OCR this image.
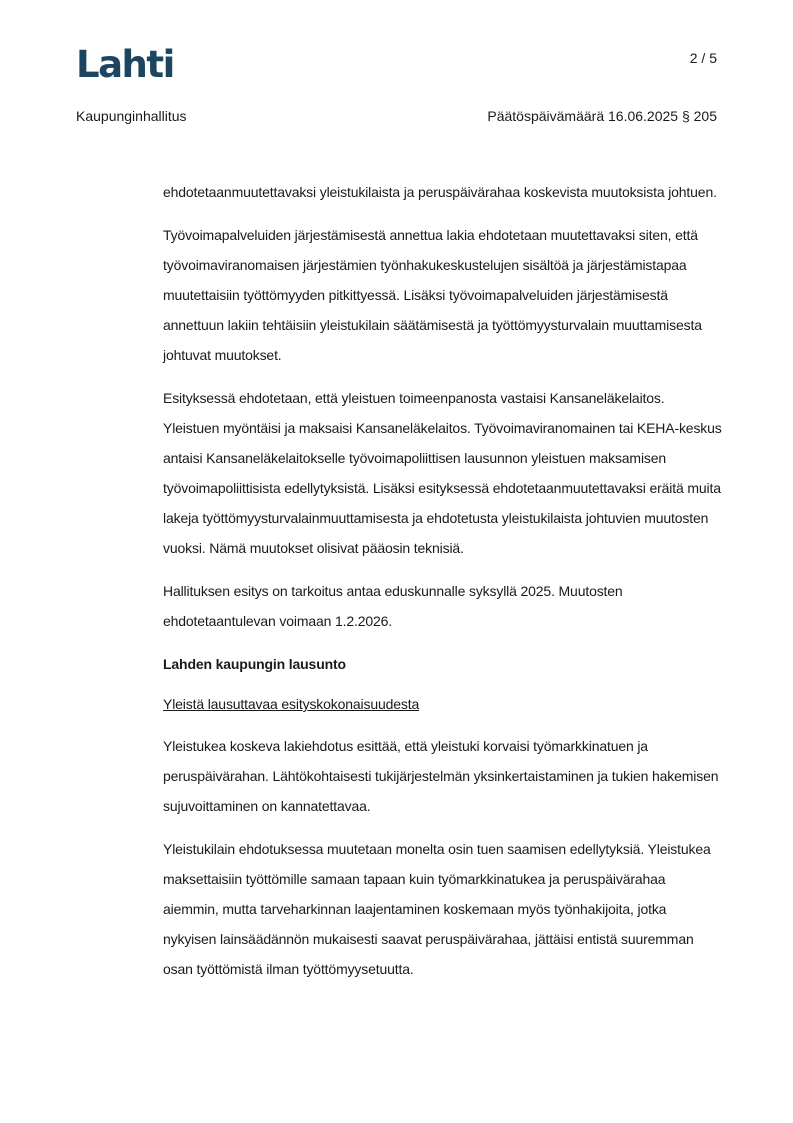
Lahti	2 / 5
Kaupunginhallitus	Päätöspäivämäärä 16.06.2025 § 205

ehdotetaanmuutettavaksi yleistukilaista ja peruspäivärahaa koskevista muutoksista johtuen.

Työvoimapalveluiden järjestämisestä annettua lakia ehdotetaan muutettavaksi siten, että työvoimaviranomaisen järjestämien työnhakukeskustelujen sisältöä ja järjestämistapaa muutettaisiin työttömyyden pitkittyessä. Lisäksi työvoimapalveluiden järjestämisestä annettuun lakiin tehtäisiin yleistukilain säätämisestä ja työttömyysturvalain muuttamisesta johtuvat muutokset.

Esityksessä ehdotetaan, että yleistuen toimeenpanosta vastaisi Kansaneläkelaitos. Yleistuen myöntäisi ja maksaisi Kansaneläkelaitos. Työvoimaviranomainen tai KEHA-keskus antaisi Kansaneläkelaitokselle työvoimapoliittisen lausunnon yleistuen maksamisen työvoimapoliittisista edellytyksistä. Lisäksi esityksessä ehdotetaanmuutettavaksi eräitä muita lakeja työttömyysturvalainmuuttamisesta ja ehdotetusta yleistukilaista johtuvien muutosten vuoksi. Nämä muutokset olisivat pääosin teknisiä.

Hallituksen esitys on tarkoitus antaa eduskunnalle syksyllä 2025. Muutosten ehdotetaantulevan voimaan 1.2.2026.

Lahden kaupungin lausunto

Yleistä lausuttavaa esityskokonaisuudesta

Yleistukea koskeva lakiehdotus esittää, että yleistuki korvaisi työmarkkinatuen ja peruspäivärahan. Lähtökohtaisesti tukijärjestelmän yksinkertaistaminen ja tukien hakemisen sujuvoittaminen on kannatettavaa.

Yleistukilain ehdotuksessa muutetaan monelta osin tuen saamisen edellytyksiä. Yleistukea maksettaisiin työttömille samaan tapaan kuin työmarkkinatukea ja peruspäivärahaa aiemmin, mutta tarveharkinnan laajentaminen koskemaan myös työnhakijoita, jotka nykyisen lainsäädännön mukaisesti saavat peruspäivärahaa, jättäisi entistä suuremman osan työttömistä ilman työttömyysetuutta.
